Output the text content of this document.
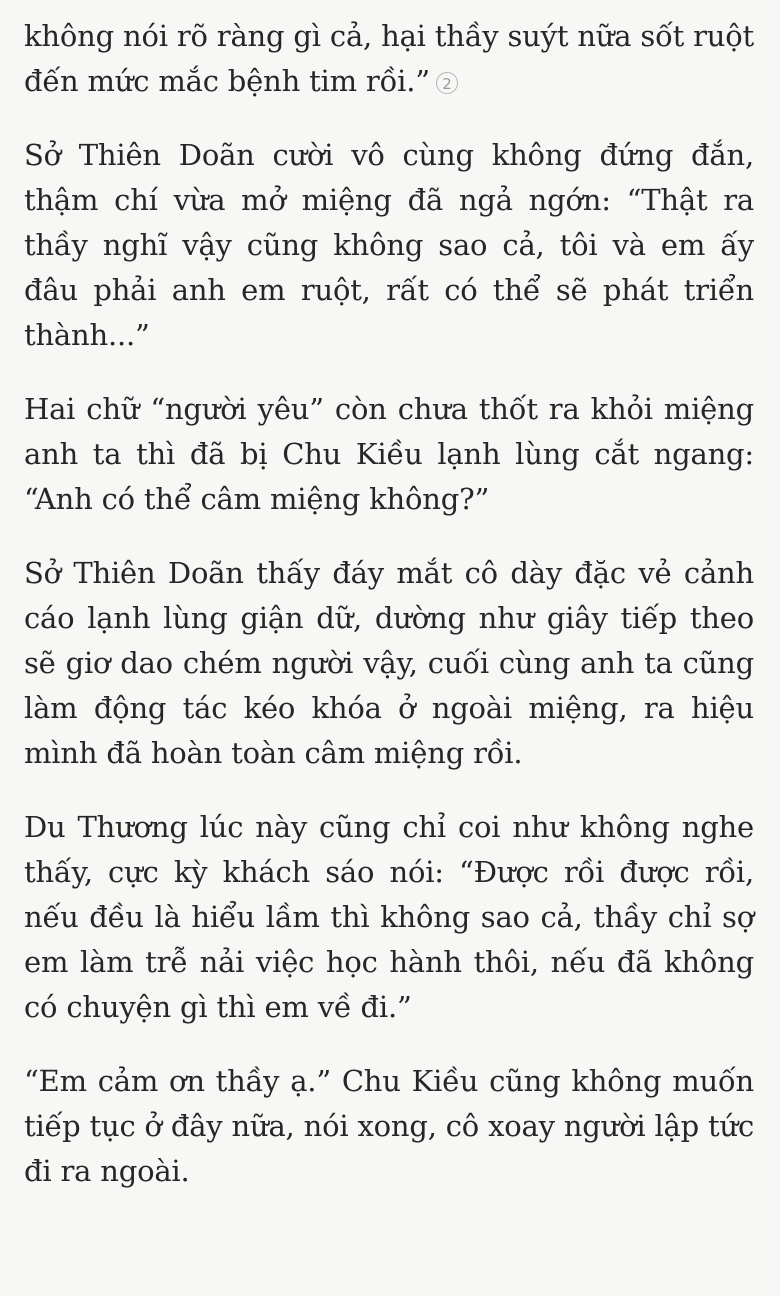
không nói rõ ràng gì cả, hại thầy suýt nữa sốt ruột đến mức mắc bệnh tim rồi.” 2

Sở Thiên Doãn cười vô cùng không đứng đắn, thậm chí vừa mở miệng đã ngả ngớn: “Thật ra thầy nghĩ vậy cũng không sao cả, tôi và em ấy đâu phải anh em ruột, rất có thể sẽ phát triển thành...”

Hai chữ “người yêu” còn chưa thốt ra khỏi miệng anh ta thì đã bị Chu Kiều lạnh lùng cắt ngang: “Anh có thể câm miệng không?”

Sở Thiên Doãn thấy đáy mắt cô dày đặc vẻ cảnh cáo lạnh lùng giận dữ, dường như giây tiếp theo sẽ giơ dao chém người vậy, cuối cùng anh ta cũng làm động tác kéo khóa ở ngoài miệng, ra hiệu mình đã hoàn toàn câm miệng rồi.

Du Thương lúc này cũng chỉ coi như không nghe thấy, cực kỳ khách sáo nói: “Được rồi được rồi, nếu đều là hiểu lầm thì không sao cả, thầy chỉ sợ em làm trễ nải việc học hành thôi, nếu đã không có chuyện gì thì em về đi.”

“Em cảm ơn thầy ạ.” Chu Kiều cũng không muốn tiếp tục ở đây nữa, nói xong, cô xoay người lập tức đi ra ngoài.
